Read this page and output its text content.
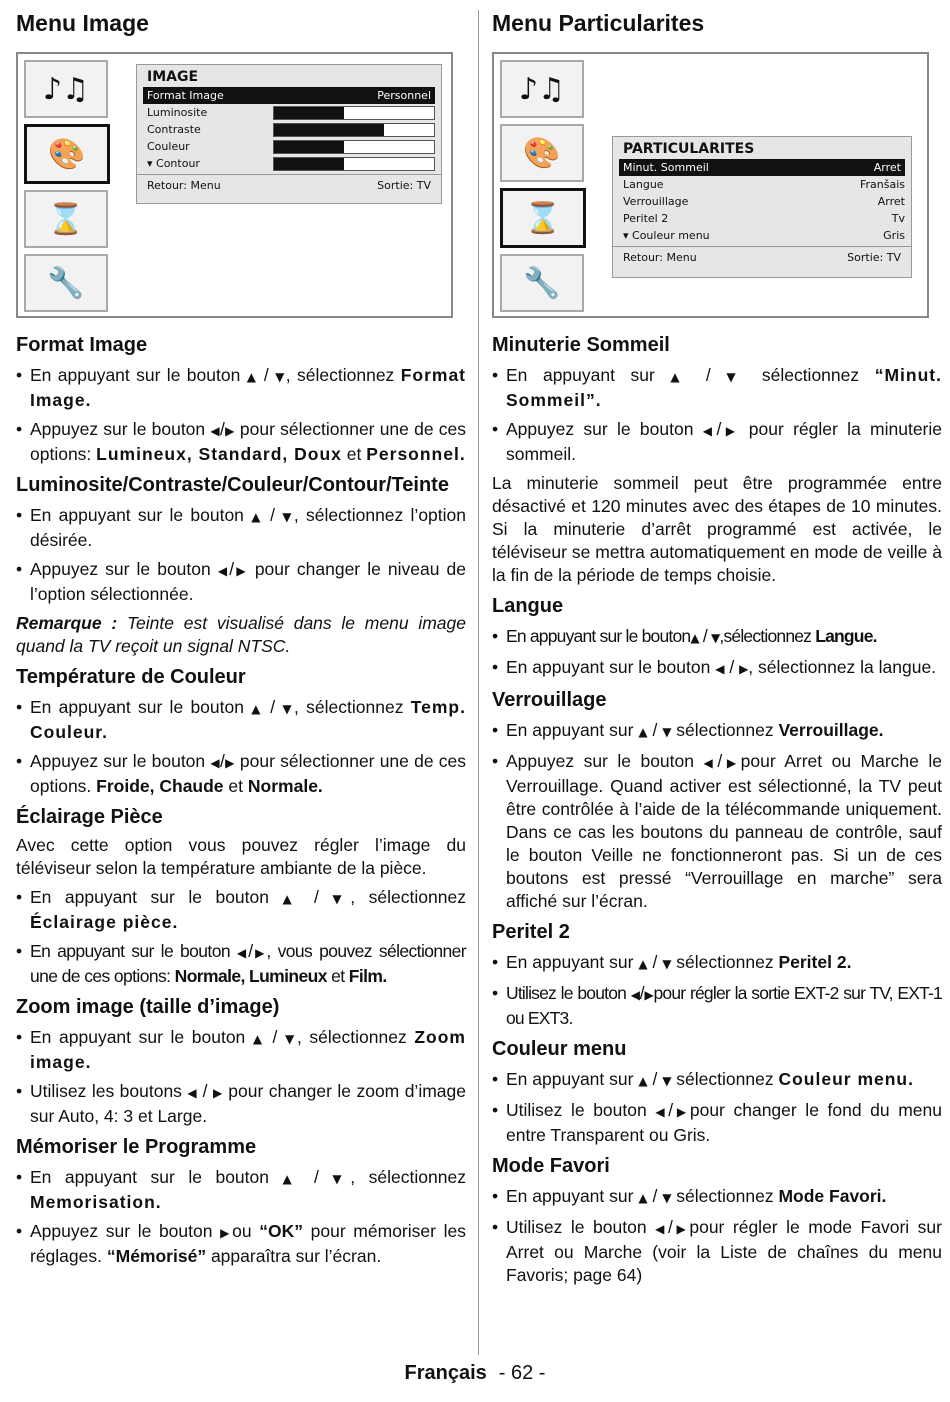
Menu Image
♪♫
🎨
⌛
🔧
IMAGE
Format Image	Personnel
Luminosite
Contraste
Couleur
▾ Contour
Retour: Menu	Sortie: TV
Format Image
• En appuyant sur le bouton ▲ / ▼, sélectionnez Format Image.
• Appuyez sur le bouton ◀/▶ pour sélectionner une de ces options: Lumineux, Standard, Doux et Personnel.
Luminosite/Contraste/Couleur/Contour/Teinte
• En appuyant sur le bouton ▲ / ▼, sélectionnez l’option désirée.
• Appuyez sur le bouton ◀/▶ pour changer le niveau de l’option sélectionnée.
Remarque : Teinte est visualisé dans le menu image quand la TV reçoit un signal NTSC.
Température de Couleur
• En appuyant sur le bouton ▲ / ▼, sélectionnez Temp. Couleur.
• Appuyez sur le bouton ◀/▶ pour sélectionner une de ces options. Froide, Chaude et Normale.
Éclairage Pièce
Avec cette option vous pouvez régler l’image du téléviseur selon la température ambiante de la pièce.
• En appuyant sur le bouton ▲ / ▼, sélectionnez Éclairage pièce.
• En appuyant sur le bouton ◀/▶, vous pouvez sélectionner une de ces options: Normale, Lumineux et Film.
Zoom image (taille d’image)
• En appuyant sur le bouton ▲ / ▼, sélectionnez Zoom image.
• Utilisez les boutons ◀ / ▶ pour changer le zoom d’image sur Auto, 4: 3 et Large.
Mémoriser le Programme
• En appuyant sur le bouton ▲ / ▼, sélectionnez Memorisation.
• Appuyez sur le bouton ▶ou “OK” pour mémoriser les réglages. “Mémorisé” apparaîtra sur l’écran.
Menu Particularites
♪♫
🎨
⌛
🔧
PARTICULARITES
Minut. Sommeil	Arret
Langue	Franšais
Verrouillage	Arret
Peritel 2	Tv
▾ Couleur menu	Gris
Retour: Menu	Sortie: TV
Minuterie Sommeil
• En appuyant sur ▲ / ▼ sélectionnez “Minut. Sommeil”.
• Appuyez sur le bouton ◀/▶ pour régler la minuterie sommeil.
La minuterie sommeil peut être programmée entre désactivé et 120 minutes avec des étapes de 10 minutes. Si la minuterie d’arrêt programmé est activée, le téléviseur se mettra automatiquement en mode de veille à la fin de la période de temps choisie.
Langue
• En appuyant sur le bouton▲ / ▼,sélectionnez Langue.
• En appuyant sur le bouton ◀ / ▶, sélectionnez la langue.
Verrouillage
• En appuyant sur ▲ / ▼ sélectionnez Verrouillage.
• Appuyez sur le bouton ◀/▶pour Arret ou Marche le Verrouillage. Quand activer est sélectionné, la TV peut être contrôlée à l’aide de la télécommande uniquement. Dans ce cas les boutons du panneau de contrôle, sauf le bouton Veille ne fonctionneront pas. Si un de ces boutons est pressé “Verrouillage en marche” sera affiché sur l’écran.
Peritel 2
• En appuyant sur ▲ / ▼ sélectionnez Peritel 2.
• Utilisez le bouton ◀/▶pour régler la sortie EXT-2 sur TV, EXT-1 ou EXT3.
Couleur menu
• En appuyant sur ▲ / ▼ sélectionnez Couleur menu.
• Utilisez le bouton ◀/▶pour changer le fond du menu entre Transparent ou Gris.
Mode Favori
• En appuyant sur ▲ / ▼ sélectionnez Mode Favori.
• Utilisez le bouton ◀/▶pour régler le mode Favori sur Arret ou Marche (voir la Liste de chaînes du menu Favoris; page 64)
Français - 62 -
